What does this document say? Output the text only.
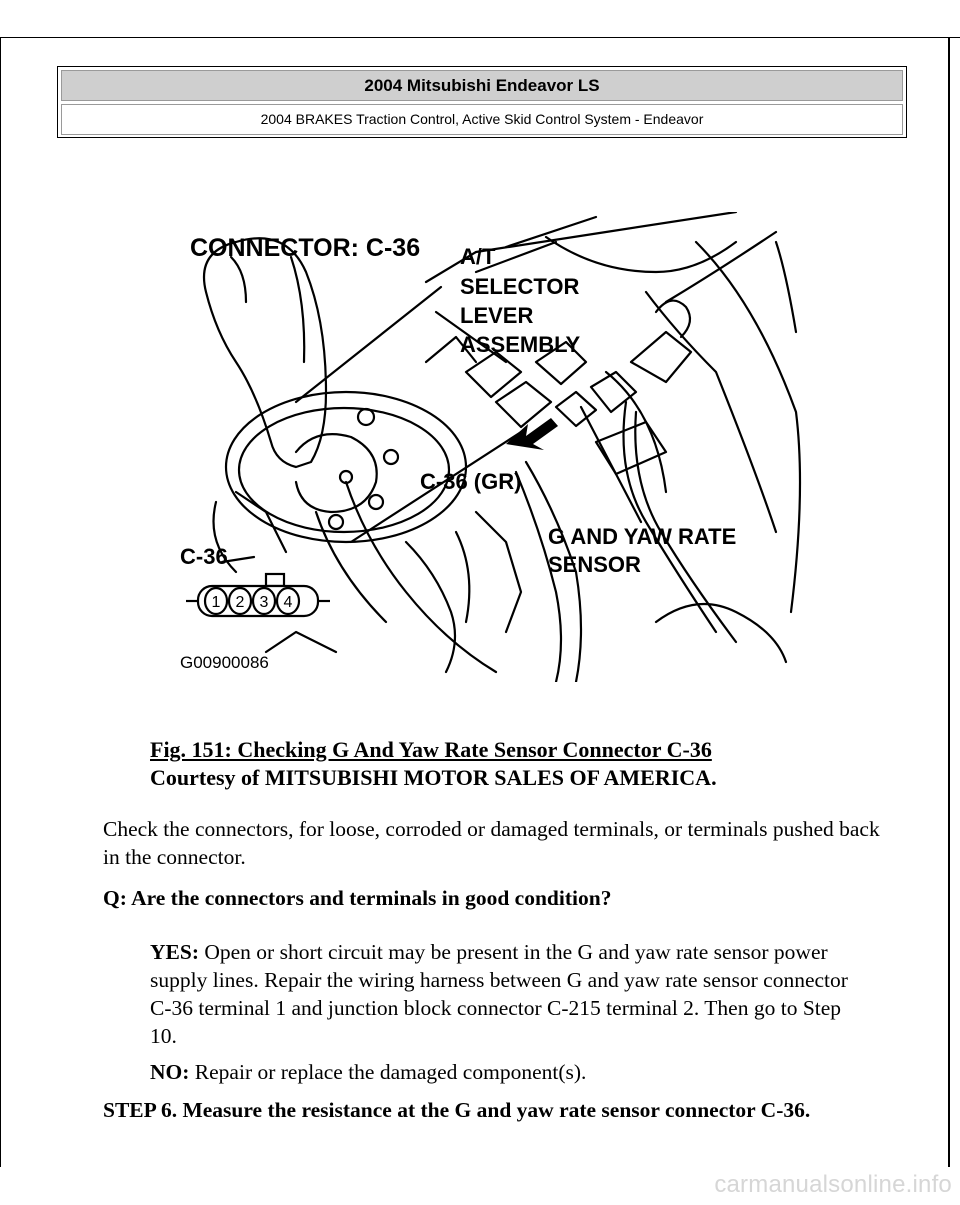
2004 Mitsubishi Endeavor LS
2004 BRAKES Traction Control, Active Skid Control System - Endeavor
CONNECTOR: C-36 A/T
SELECTOR
LEVER
ASSEMBLY
C-36 (GR)
C-36
G AND YAW RATE
SENSOR
1 2 3 4
G00900086
Fig. 151: Checking G And Yaw Rate Sensor Connector C-36
Courtesy of MITSUBISHI MOTOR SALES OF AMERICA.
Check the connectors, for loose, corroded or damaged terminals, or terminals pushed back in the connector.
Q: Are the connectors and terminals in good condition?
YES: Open or short circuit may be present in the G and yaw rate sensor power supply lines. Repair the wiring harness between G and yaw rate sensor connector C-36 terminal 1 and junction block connector C-215 terminal 2. Then go to Step 10.
NO: Repair or replace the damaged component(s).
STEP 6. Measure the resistance at the G and yaw rate sensor connector C-36.
carmanualsonline.info
